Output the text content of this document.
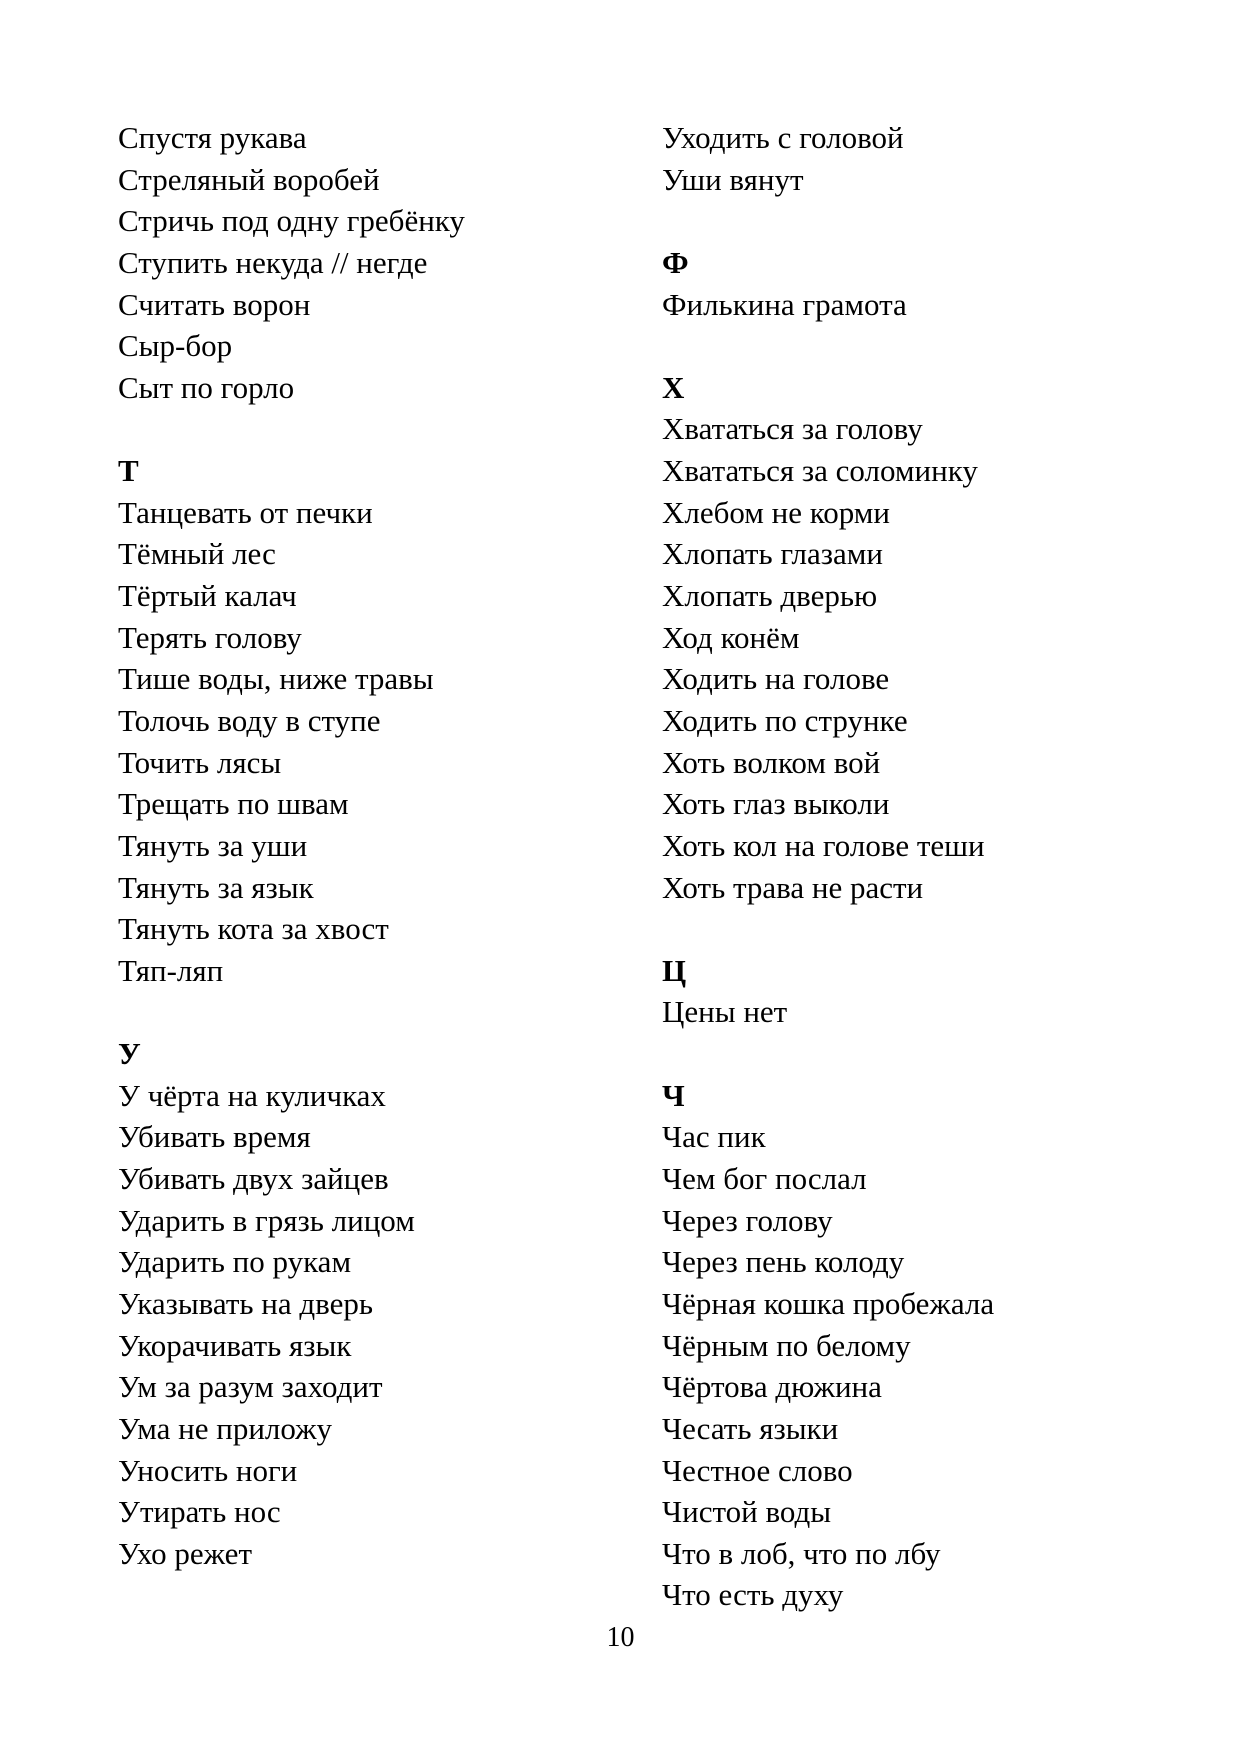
Спустя рукава
Стреляный воробей
Стричь под одну гребёнку
Ступить некуда // негде
Считать ворон
Сыр-бор
Сыт по горло
Т
Танцевать от печки
Тёмный лес
Тёртый калач
Терять голову
Тише воды, ниже травы
Толочь воду в ступе
Точить лясы
Трещать по швам
Тянуть за уши
Тянуть за язык
Тянуть кота за хвост
Тяп-ляп
У
У чёрта на куличках
Убивать время
Убивать двух зайцев
Ударить в грязь лицом
Ударить по рукам
Указывать на дверь
Укорачивать язык
Ум за разум заходит
Ума не приложу
Уносить ноги
Утирать нос
Ухо режет
Уходить с головой
Уши вянут
Ф
Филькина грамота
Х
Хвататься за голову
Хвататься за соломинку
Хлебом не корми
Хлопать глазами
Хлопать дверью
Ход конём
Ходить на голове
Ходить по струнке
Хоть волком вой
Хоть глаз выколи
Хоть кол на голове теши
Хоть трава не расти
Ц
Цены нет
Ч
Час пик
Чем бог послал
Через голову
Через пень колоду
Чёрная кошка пробежала
Чёрным по белому
Чёртова дюжина
Чесать языки
Честное слово
Чистой воды
Что в лоб, что по лбу
Что есть духу
10
